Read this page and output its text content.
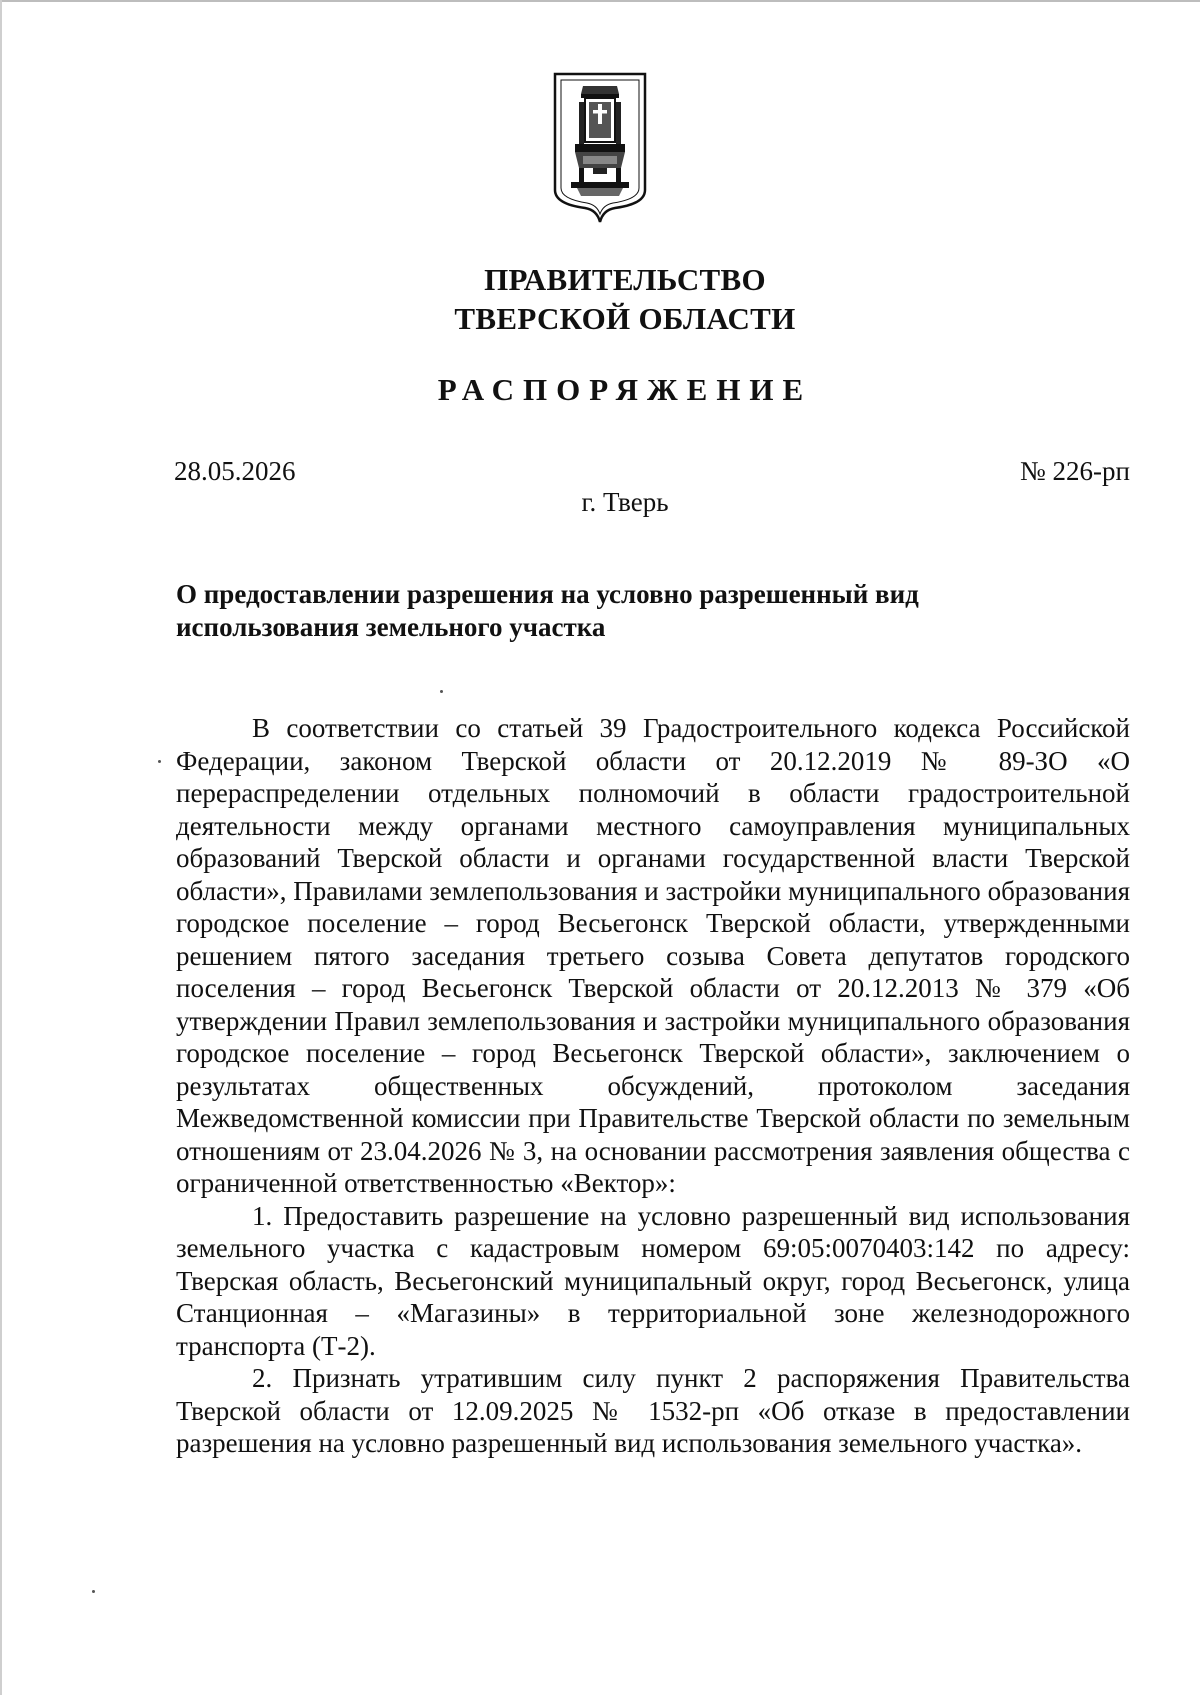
ПРАВИТЕЛЬСТВО
ТВЕРСКОЙ ОБЛАСТИ
РАСПОРЯЖЕНИЕ
28.05.2026	№ 226-рп
г. Тверь
О предоставлении разрешения на условно разрешенный вид
использования земельного участка

В соответствии со статьей 39 Градостроительного кодекса Российской Федерации, законом Тверской области от 20.12.2019 № 89-ЗО «О перераспределении отдельных полномочий в области градостроительной деятельности между органами местного самоуправления муниципальных образований Тверской области и органами государственной власти Тверской области», Правилами землепользования и застройки муниципального образования городское поселение – город Весьегонск Тверской области, утвержденными решением пятого заседания третьего созыва Совета депутатов городского поселения – город Весьегонск Тверской области от 20.12.2013 № 379 «Об утверждении Правил землепользования и застройки муниципального образования городское поселение – город Весьегонск Тверской области», заключением о результатах общественных обсуждений, протоколом заседания Межведомственной комиссии при Правительстве Тверской области по земельным отношениям от 23.04.2026 № 3, на основании рассмотрения заявления общества с ограниченной ответственностью «Вектор»:

1. Предоставить разрешение на условно разрешенный вид использования земельного участка с кадастровым номером 69:05:0070403:142 по адресу: Тверская область, Весьегонский муниципальный округ, город Весьегонск, улица Станционная – «Магазины» в территориальной зоне железнодорожного транспорта (Т-2).

2. Признать утратившим силу пункт 2 распоряжения Правительства Тверской области от 12.09.2025 № 1532-рп «Об отказе в предоставлении разрешения на условно разрешенный вид использования земельного участка».
